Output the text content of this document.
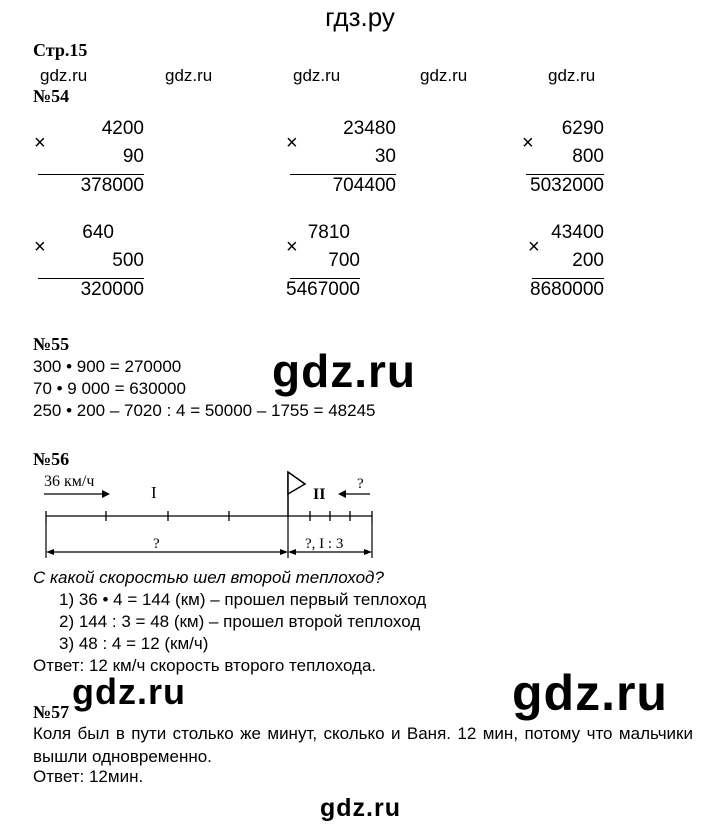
гдз.ру
Стр.15
gdz.ru	gdz.ru	gdz.ru	gdz.ru	gdz.ru
№54
×
4200
90
378000
×
23480
30
704400
×
6290
800
5032000
×
640
500
320000
×
7810
700
5467000
×
43400
200
8680000
№55
300 • 900 = 270000
70 • 9 000 = 630000
250 • 200 – 7020 : 4 = 50000 – 1755 = 48245
gdz.ru
№56
36 км/ч
I	II
?
?	?, I : 3
С какой скоростью шел второй теплоход?
1) 36 • 4 = 144 (км) – прошел первый теплоход
2) 144 : 3 = 48 (км) – прошел второй теплоход
3) 48 : 4 = 12 (км/ч)
Ответ: 12 км/ч скорость второго теплохода.
gdz.ru	gdz.ru
№57
Коля был в пути столько же минут, сколько и Ваня. 12 мин, потому что мальчики вышли одновременно.
Ответ: 12мин.
gdz.ru
